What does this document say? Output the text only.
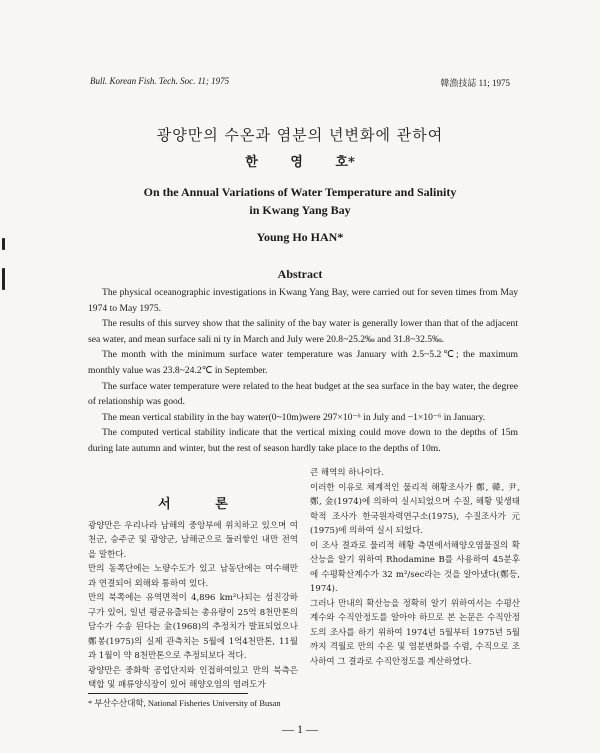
Bull. Korean Fish. Tech. Soc. 11; 1975	韓漁技誌 11; 1975
광양만의 수온과 염분의 년변화에 관하여
한 영 호*
On the Annual Variations of Water Temperature and Salinity
in Kwang Yang Bay
Young Ho HAN*
Abstract

The physical oceanographic investigations in Kwang Yang Bay, were carried out for seven times from May 1974 to May 1975.

The results of this survey show that the salinity of the bay water is generally lower than that of the adjacent sea water, and mean surface sali ni ty in March and July were 20.8~25.2‰ and 31.8~32.5‰.

The month with the minimum surface water temperature was January with 2.5~5.2℃; the maximum monthly value was 23.8~24.2℃ in September.

The surface water temperature were related to the heat budget at the sea surface in the bay water, the degree of relationship was good.

The mean vertical stability in the bay water(0~10m)were 297×10⁻⁶ in July and −1×10⁻⁶ in January.

The computed vertical stability indicate that the vertical mixing could move down to the depths of 15m during late autumn and winter, but the rest of season hardly take place to the depths of 10m.

서 론

광양만은 우리나라 남해의 중앙부에 위치하고 있으며 여천군, 승주군 및 광양군, 남해군으로 둘러쌓인 내만 전역을 말한다.

만의 동쪽단에는 노량수도가 있고 남동단에는 여수해만과 연결되어 외해와 통하여 있다.

만의 북쪽에는 유역면적이 4,896 km²나되는 섬진강하구가 있어, 일년 평균유출되는 총유량이 25억 8천만톤의담수가 수송 된다는 金(1968)의 추정치가 발표되었으나 鄭봉(1975)의 실제 관측치는 5월에 1억4천만톤, 11월과 1월이 약 8천만톤으로 추정되보다 적다.

광양만은 중화학 공업단지와 인접하여있고 만의 북측은 택합 및 패류양식장이 있어 해양오염의 염려도가

큰 해역의 하나이다.

이러한 이유로 체계적인 물리적 해황조사가 鄭, 韓, 尹, 鄭, 金(1974)에 의하여 실시되었으며 수질, 해황 및생태학적 조사가 한국원자력연구소(1975), 수질조사가 元(1975)에 의하여 실시 되었다.

이 조사 결과로 물리적 해황 측면에서해양오염물질의 확산능을 알기 위하여 Rhodamine B를 사용하여 45분후에 수평확산계수가 32 m²/sec라는 것을 알아냈다(鄭등, 1974).

그러나 만내의 확산능을 정확히 알기 위하여서는 수평산계수와 수직안정도를 알아야 하므로 본 논문은 수직안정도의 조사를 하기 위하여 1974년 5월부터 1975년 5월까지 격월로 만의 수온 및 염분변화를 수렴, 수직으로 조사하여 그 결과로 수직안정도를 계산하였다.

* 부산수산대학, National Fisheries University of Busan
— 1 —
